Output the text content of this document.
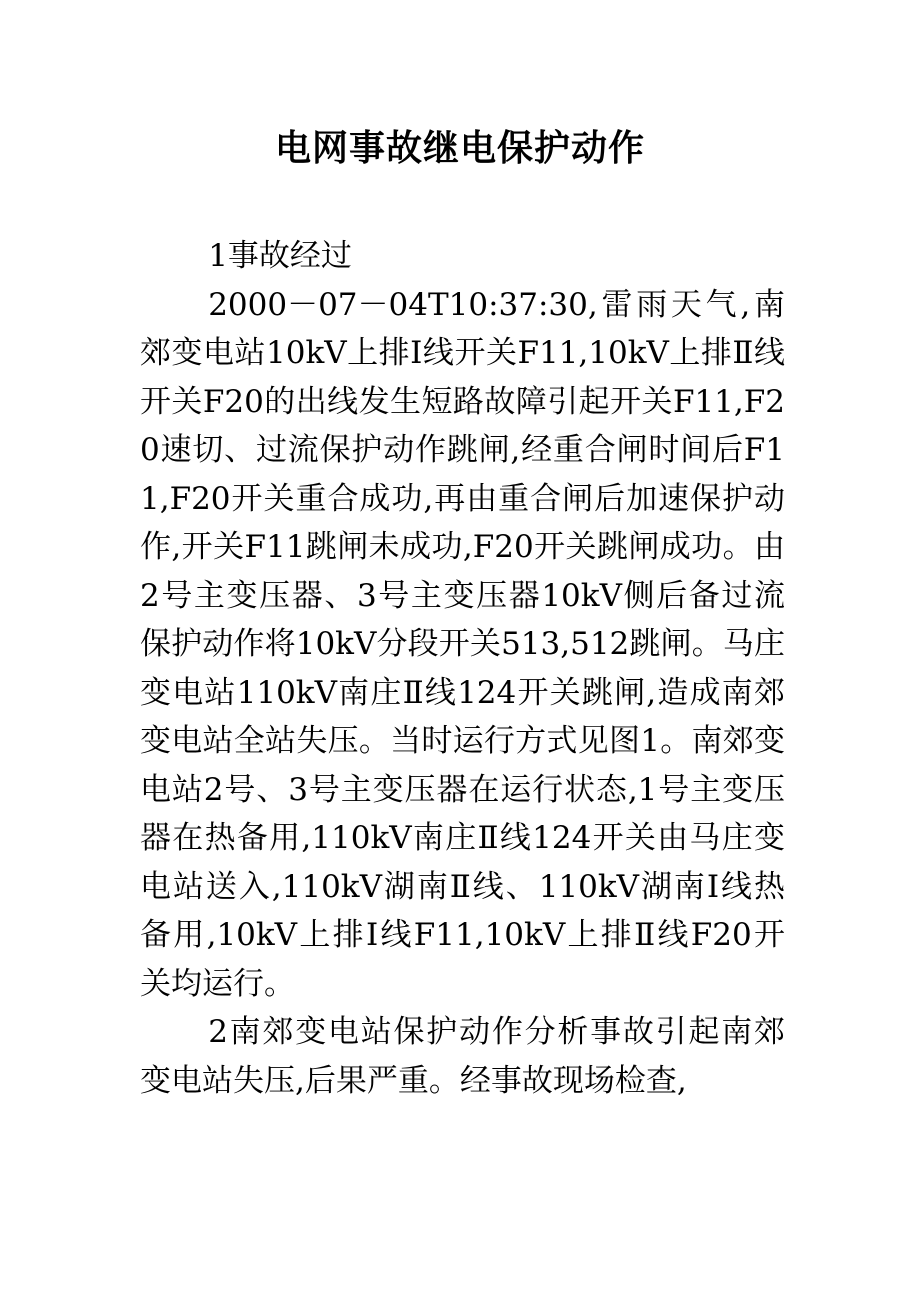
电网事故继电保护动作

1事故经过

2000－07－04T10:37:30,雷雨天气,南郊变电站10kV上排Ⅰ线开关F11,10kV上排Ⅱ线开关F20的出线发生短路故障引起开关F11,F20速切、过流保护动作跳闸,经重合闸时间后F11,F20开关重合成功,再由重合闸后加速保护动作,开关F11跳闸未成功,F20开关跳闸成功。由2号主变压器、3号主变压器10kV侧后备过流保护动作将10kV分段开关513,512跳闸。马庄变电站110kV南庄Ⅱ线124开关跳闸,造成南郊变电站全站失压。当时运行方式见图1。南郊变电站2号、3号主变压器在运行状态,1号主变压器在热备用,110kV南庄Ⅱ线124开关由马庄变电站送入,110kV湖南Ⅱ线、110kV湖南Ⅰ线热备用,10kV上排Ⅰ线F11,10kV上排Ⅱ线F20开关均运行。

2南郊变电站保护动作分析事故引起南郊变电站失压,后果严重。经事故现场检查,
